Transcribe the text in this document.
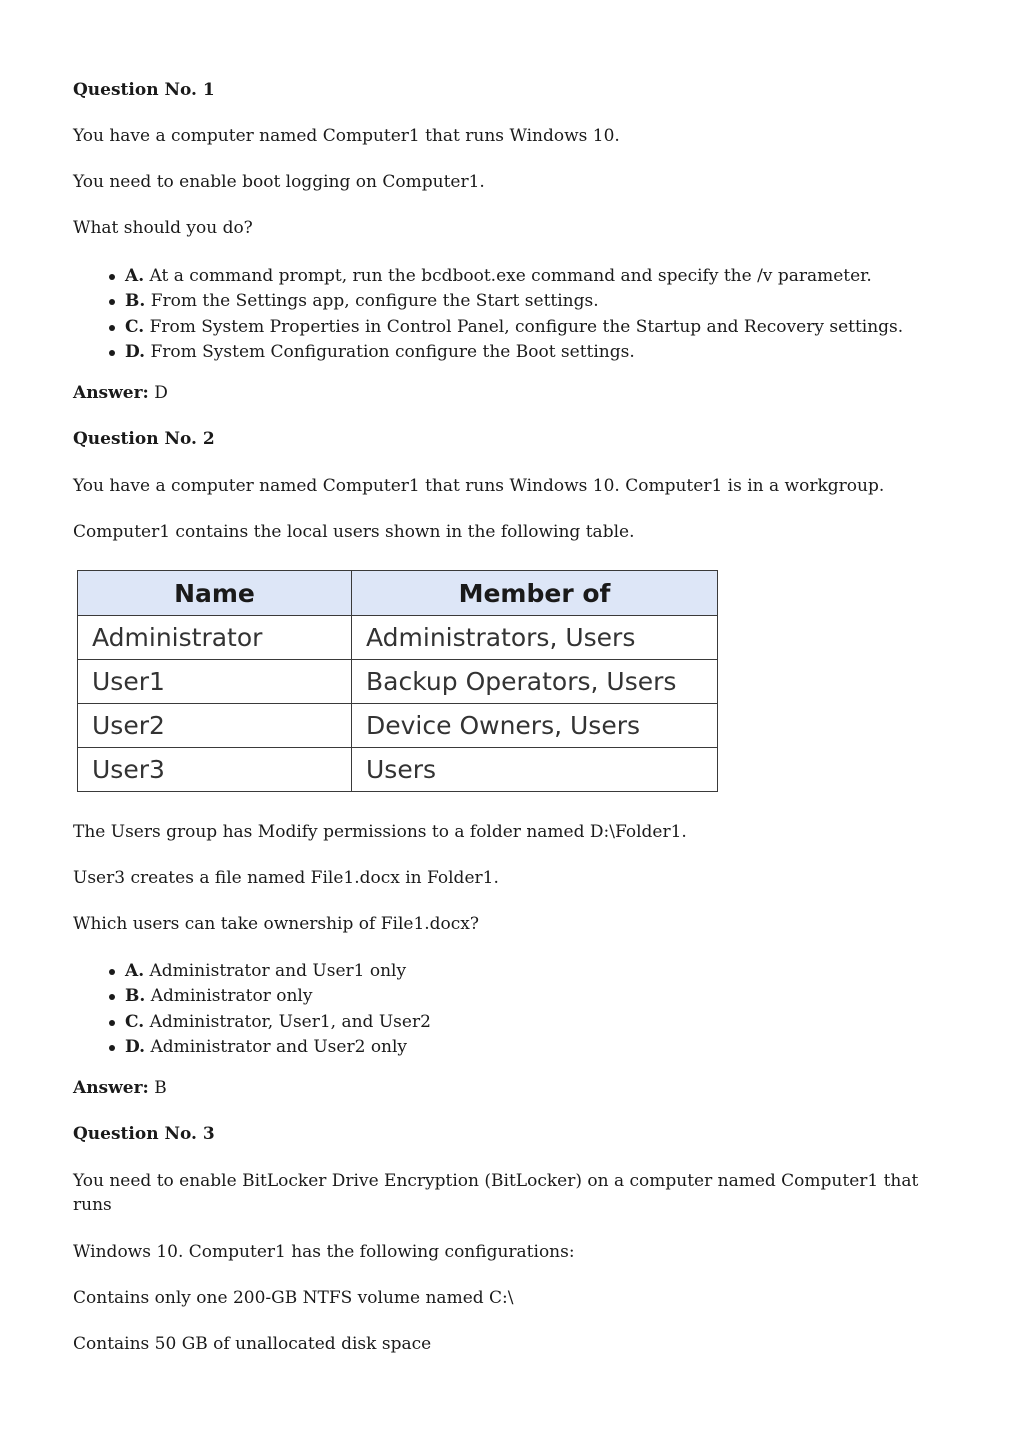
Question No. 1

You have a computer named Computer1 that runs Windows 10.

You need to enable boot logging on Computer1.

What should you do?

A. At a command prompt, run the bcdboot.exe command and specify the /v parameter.
B. From the Settings app, configure the Start settings.
C. From System Properties in Control Panel, configure the Startup and Recovery settings.
D. From System Configuration configure the Boot settings.

Answer: D

Question No. 2

You have a computer named Computer1 that runs Windows 10. Computer1 is in a workgroup.

Computer1 contains the local users shown in the following table.

Name	Member of
Administrator	Administrators, Users
User1	Backup Operators, Users
User2	Device Owners, Users
User3	Users

The Users group has Modify permissions to a folder named D:\Folder1.

User3 creates a file named File1.docx in Folder1.

Which users can take ownership of File1.docx?

A. Administrator and User1 only
B. Administrator only
C. Administrator, User1, and User2
D. Administrator and User2 only

Answer: B

Question No. 3

You need to enable BitLocker Drive Encryption (BitLocker) on a computer named Computer1 that runs

Windows 10. Computer1 has the following configurations:

Contains only one 200-GB NTFS volume named C:\

Contains 50 GB of unallocated disk space
